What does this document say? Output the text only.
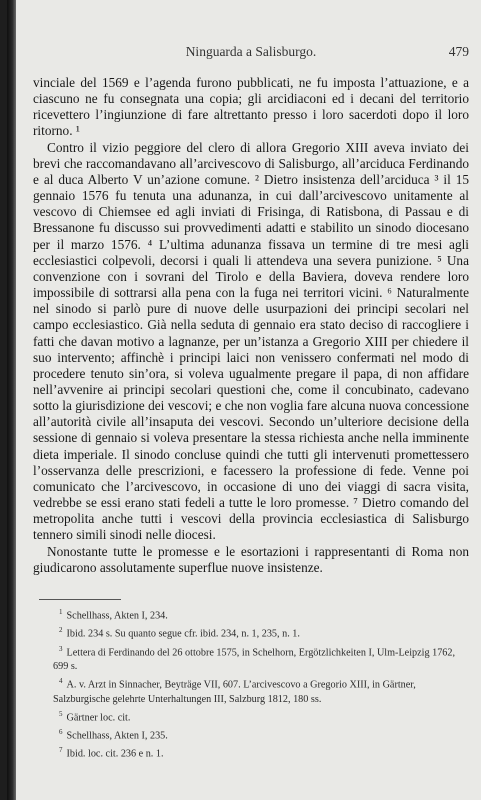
Ninguarda a Salisburgo.	479

vinciale del 1569 e l’agenda furono pubblicati, ne fu imposta l’attuazione, e a ciascuno ne fu consegnata una copia; gli arcidiaconi ed i decani del territorio ricevettero l’ingiunzione di fare altrettanto presso i loro sacerdoti dopo il loro ritorno. ¹

Contro il vizio peggiore del clero di allora Gregorio XIII aveva inviato dei brevi che raccomandavano all’arcivescovo di Salisburgo, all’arciduca Ferdinando e al duca Alberto V un’azione comune. ² Dietro insistenza dell’arciduca ³ il 15 gennaio 1576 fu tenuta una adunanza, in cui dall’arcivescovo unitamente al vescovo di Chiemsee ed agli inviati di Frisinga, di Ratisbona, di Passau e di Bressanone fu discusso sui provvedimenti adatti e stabilito un sinodo diocesano per il marzo 1576. ⁴ L’ultima adunanza fissava un termine di tre mesi agli ecclesiastici colpevoli, decorsi i quali li attendeva una severa punizione. ⁵ Una convenzione con i sovrani del Tirolo e della Baviera, doveva rendere loro impossibile di sottrarsi alla pena con la fuga nei territori vicini. ⁶ Naturalmente nel sinodo si parlò pure di nuove delle usurpazioni dei principi secolari nel campo ecclesiastico. Già nella seduta di gennaio era stato deciso di raccogliere i fatti che davan motivo a lagnanze, per un’istanza a Gregorio XIII per chiedere il suo intervento; affinchè i principi laici non venissero confermati nel modo di procedere tenuto sin’ora, si voleva ugualmente pregare il papa, di non affidare nell’avvenire ai principi secolari questioni che, come il concubinato, cadevano sotto la giurisdizione dei vescovi; e che non voglia fare alcuna nuova concessione all’autorità civile all’insaputa dei vescovi. Secondo un’ulteriore decisione della sessione di gennaio si voleva presentare la stessa richiesta anche nella imminente dieta imperiale. Il sinodo concluse quindi che tutti gli intervenuti promettessero l’osservanza delle prescrizioni, e facessero la professione di fede. Venne poi comunicato che l’arcivescovo, in occasione di uno dei viaggi di sacra visita, vedrebbe se essi erano stati fedeli a tutte le loro promesse. ⁷ Dietro comando del metropolita anche tutti i vescovi della provincia ecclesiastica di Salisburgo tennero simili sinodi nelle diocesi.

Nonostante tutte le promesse e le esortazioni i rappresentanti di Roma non giudicarono assolutamente superflue nuove insistenze.

$^1$ Schellhass, Akten I, 234.

$^2$ Ibid. 234 s. Su quanto segue cfr. ibid. 234, n. 1, 235, n. 1.

$^3$ Lettera di Ferdinando del 26 ottobre 1575, in Schelhorn, Ergötzlichkeiten I, Ulm-Leipzig 1762, 699 s.

$^4$ A. v. Arzt in Sinnacher, Beyträge VII, 607. L’arcivescovo a Gregorio XIII, in Gärtner, Salzburgische gelehrte Unterhaltungen III, Salzburg 1812, 180 ss.

$^5$ Gärtner loc. cit.

$^6$ Schellhass, Akten I, 235.

$^7$ Ibid. loc. cit. 236 e n. 1.
